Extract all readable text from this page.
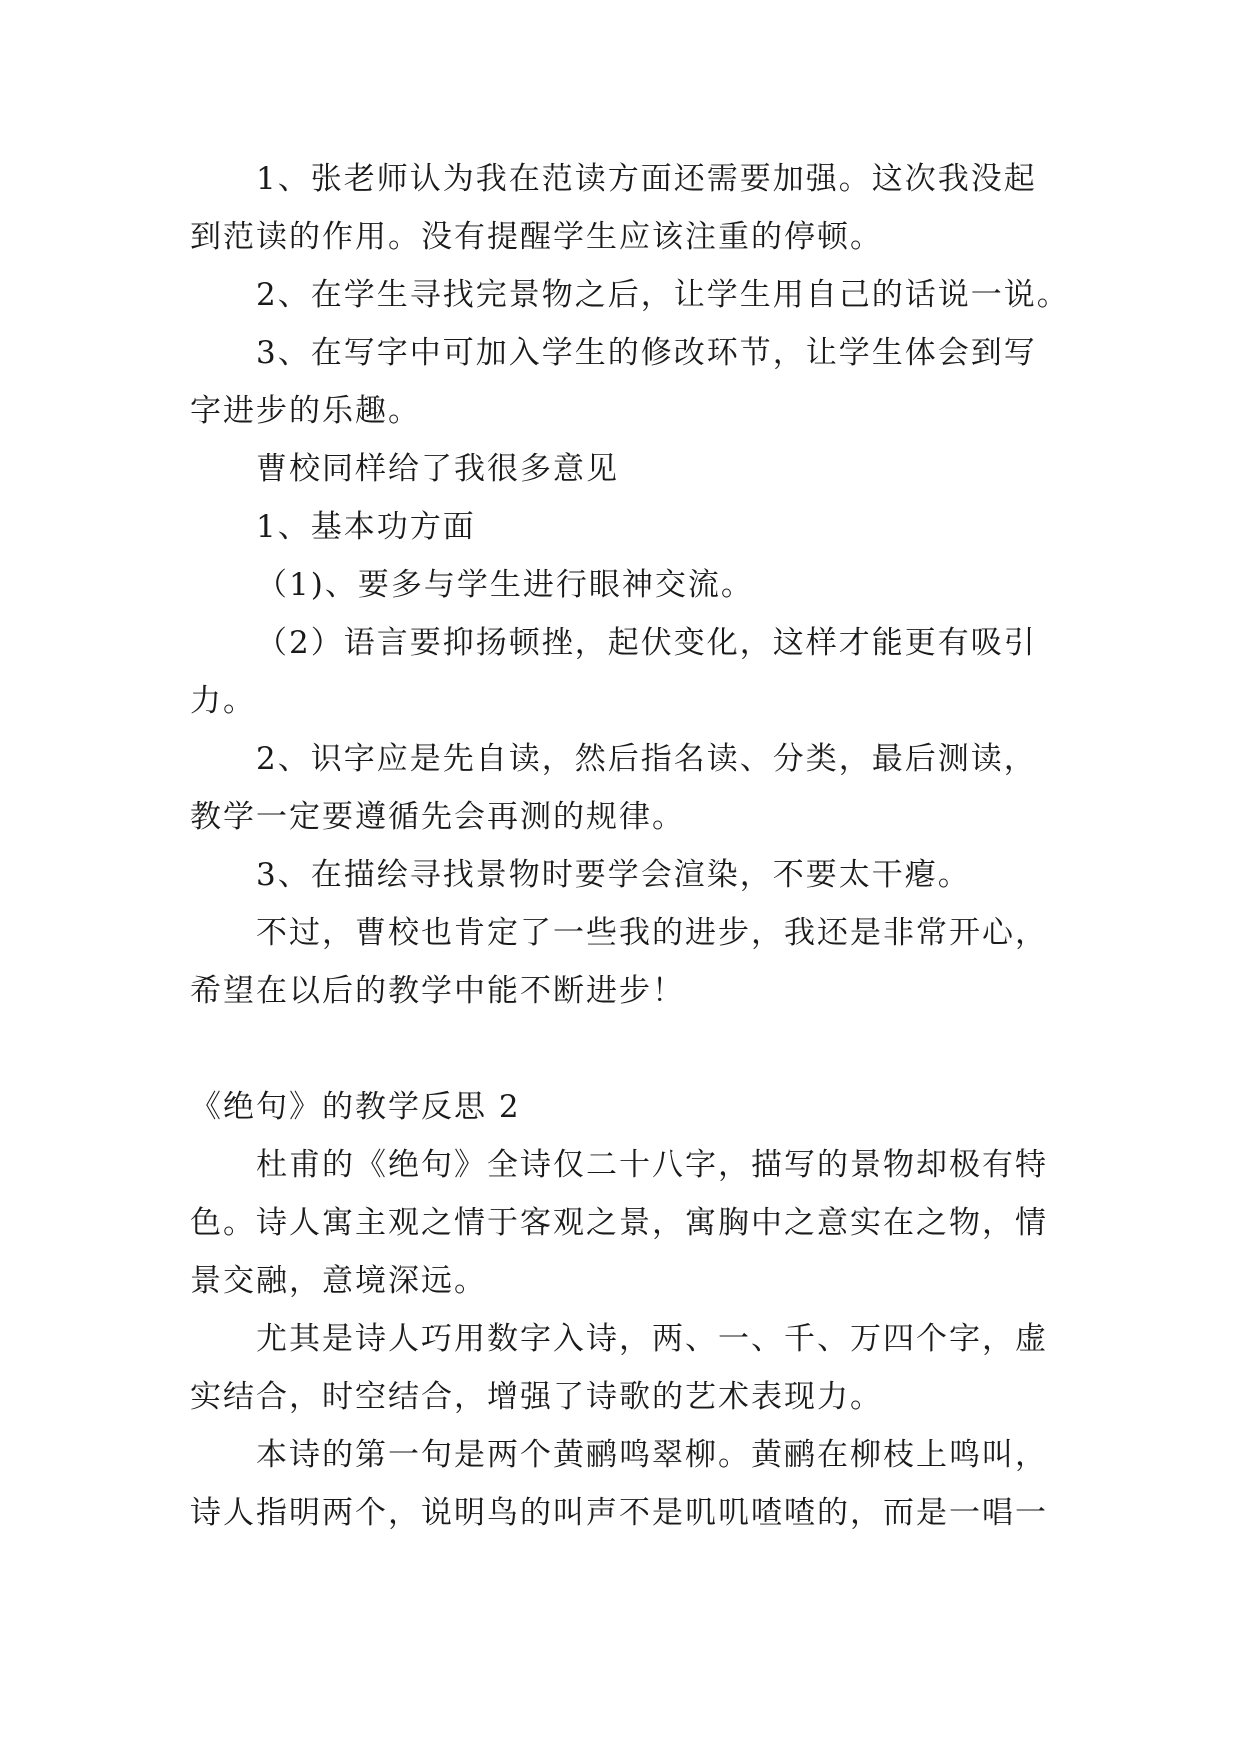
1、张老师认为我在范读方面还需要加强。这次我没起
到范读的作用。没有提醒学生应该注重的停顿。
2、在学生寻找完景物之后，让学生用自己的话说一说。
3、在写字中可加入学生的修改环节，让学生体会到写
字进步的乐趣。
曹校同样给了我很多意见
1、基本功方面
（1)、要多与学生进行眼神交流。
（2）语言要抑扬顿挫，起伏变化，这样才能更有吸引
力。
2、识字应是先自读，然后指名读、分类，最后测读，
教学一定要遵循先会再测的规律。
3、在描绘寻找景物时要学会渲染，不要太干瘪。
不过，曹校也肯定了一些我的进步，我还是非常开心，
希望在以后的教学中能不断进步！
《绝句》的教学反思 2
杜甫的《绝句》全诗仅二十八字，描写的景物却极有特
色。诗人寓主观之情于客观之景，寓胸中之意实在之物，情
景交融，意境深远。
尤其是诗人巧用数字入诗，两、一、千、万四个字，虚
实结合，时空结合，增强了诗歌的艺术表现力。
本诗的第一句是两个黄鹂鸣翠柳。黄鹂在柳枝上鸣叫，
诗人指明两个，说明鸟的叫声不是叽叽喳喳的，而是一唱一
